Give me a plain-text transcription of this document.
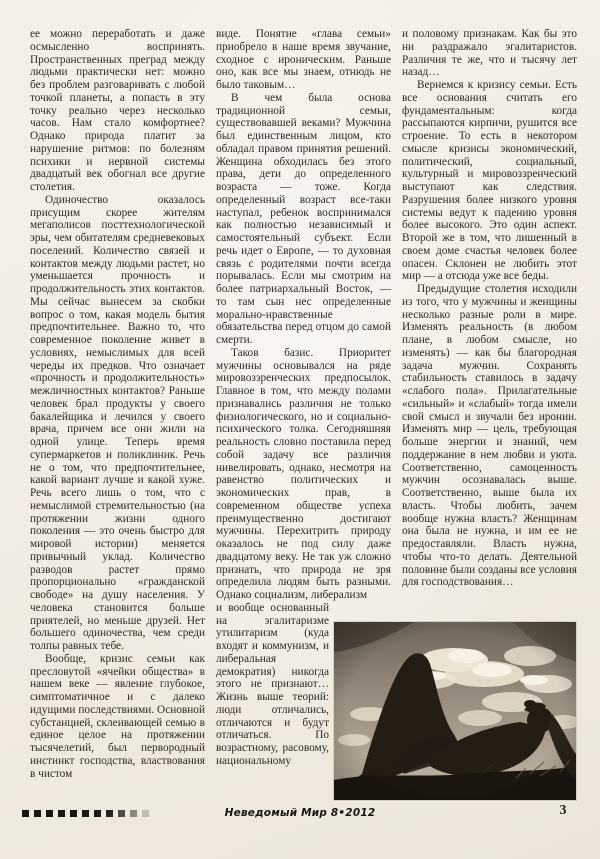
ее можно переработать и даже осмысленно воспринять. Пространственных преград между людьми практически нет: можно без проблем разговаривать с любой точкой планеты, а попасть в эту точку реально через несколько часов. Нам стало комфортнее? Однако природа платит за нарушение ритмов: по болезням психики и нервной системы двадцатый век обогнал все другие столетия.

Одиночество оказалось присущим скорее жителям мегаполисов посттехнологической эры, чем обитателям средневековых поселений. Количество связей и контактов между людьми растет, но уменьшается прочность и продолжительность этих контактов. Мы сейчас вынесем за скобки вопрос о том, какая модель бытия предпочтительнее. Важно то, что современное поколение живет в условиях, немыслимых для всей череды их предков. Что означает «прочность и продолжительность» межличностных контактов? Раньше человек брал продукты у своего бакалейщика и лечился у своего врача, причем все они жили на одной улице. Теперь время супермаркетов и поликлиник. Речь не о том, что предпочтительнее, какой вариант лучше и какой хуже. Речь всего лишь о том, что с немыслимой стремительностью (на протяжении жизни одного поколения — это очень быстро для мировой истории) меняется привычный уклад. Количество разводов растет прямо пропорционально «гражданской свободе» на душу населения. У человека становится больше приятелей, но меньше друзей. Нет большего одиночества, чем среди толпы равных тебе.

Вообще, кризис семьи как пресловутой «ячейки общества» в нашем веке — явление глубокое, симптоматичное и с далеко идущими последствиями. Основной субстанцией, склеивающей семью в единое целое на протяжении тысячелетий, был первородный инстинкт господства, властвования в чистом

виде. Понятие «глава семьи» приобрело в наше время звучание, сходное с ироническим. Раньше оно, как все мы знаем, отнюдь не было таковым…

В чем была основа традиционной семьи, существовавшей веками? Мужчина был единственным лицом, кто обладал правом принятия решений. Женщина обходилась без этого права, дети до определенного возраста — тоже. Когда определенный возраст все-таки наступал, ребенок воспринимался как полностью независимый и самостоятельный субъект. Если речь идет о Европе, — то духовная связь с родителями почти всегда порывалась. Если мы смотрим на более патриархальный Восток, — то там сын нес определенные морально-нравственные обязательства перед отцом до самой смерти.

Таков базис. Приоритет мужчины основывался на ряде мировоззренческих предпосылок. Главное в том, что между полами признавались различия не только физиологического, но и социально-психического толка. Сегодняшняя реальность словно поставила перед собой задачу все различия нивелировать, однако, несмотря на равенство политических и экономических прав, в современном обществе успеха преимущественно достигают мужчины. Перехитрить природу оказалось не под силу даже двадцатому веку. Не так уж сложно признать, что природа не зря определила людям быть разными. Однако социализм, либерализм

и вообще основанный на эгалитаризме утилитаризм (куда входят и коммунизм, и либеральная демократия) никогда этого не признают… Жизнь выше теорий: люди отличались, отличаются и будут отличаться. По возрастному, расовому, национальному

и половому признакам. Как бы это ни раздражало эгалитаристов. Различия те же, что и тысячу лет назад…

Вернемся к кризису семьи. Есть все основания считать его фундаментальным: когда рассыпаются кирпичи, рушится все строение. То есть в некотором смысле кризисы экономический, политический, социальный, культурный и мировоззренческий выступают как следствия. Разрушения более низкого уровня системы ведут к падению уровня более высокого. Это один аспект. Второй же в том, что лишенный в своем доме счастья человек более опасен. Склонен не любить этот мир — а отсюда уже все беды.

Предыдущие столетия исходили из того, что у мужчины и женщины несколько разные роли в мире. Изменять реальность (в любом плане, в любом смысле, но изменять) — как бы благородная задача мужчин. Сохранять стабильность ставилось в задачу «слабого пола». Прилагательные «сильный» и «слабый» тогда имели свой смысл и звучали без иронии. Изменять мир — цель, требующая больше энергии и знаний, чем поддержание в нем любви и уюта. Соответственно, самоценность мужчин осознавалась выше. Соответственно, выше была их власть. Чтобы любить, зачем вообще нужна власть? Женщинам она была не нужна, и им ее не предоставляли. Власть нужна, чтобы что-то делать. Деятельной половине были созданы все условия для господствования…

Неведомый Мир 8•2012	3
